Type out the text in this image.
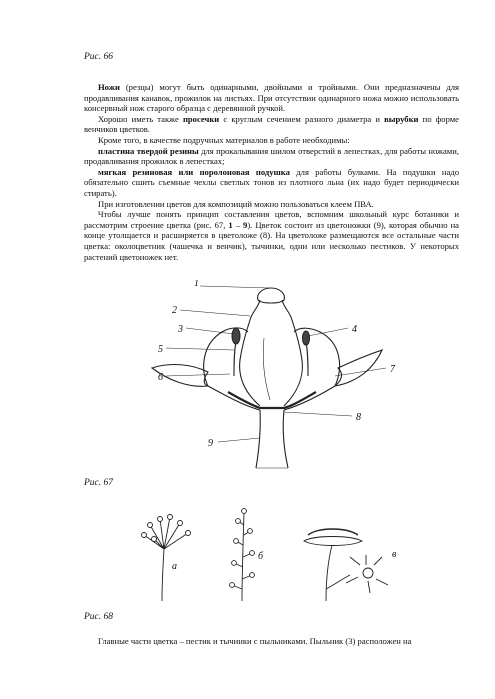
Рис. 66

Ножи (резцы) могут быть одинарными, двойными и тройными. Они предназначены для продавливания канавок, прожилок на листьях. При отсутствии одинарного ножа можно использовать консервный нож старого образца с деревянной ручкой.

Хорошо иметь также просечки с круглым сечением разного диаметра и вырубки по форме венчиков цветков.

Кроме того, в качестве подручных материалов в работе необходимы:

пластина твердой резины для прокалывания шилом отверстий в лепестках, для работы ножами, продавливания прожилок в лепестках;

мягкая резиновая или поролоновая подушка для работы булками. На подушки надо обязательно сшить съемные чехлы светлых тонов из плотного льна (их надо будет периодически стирать).

При изготовлении цветов для композиций можно пользоваться клеем ПВА.

Чтобы лучше понять принцип составления цветов, вспомним школьный курс ботаники и рассмотрим строение цветка (рис. 67, 1 – 9). Цветок состоит из цветоножки (9), которая обычно на конце утолщается и расширяется в цветоложе (8). На цветоложе размещаются все остальные части цветка: околоцветник (чашечка и венчик), тычинки, одни или несколько пестиков. У некоторых растений цветоножек нет.

1
2
3
5
6
4
7
8
9
Рис. 67
а
б	в
Рис. 68

Главные части цветка – пестик и тычинки с пыльниками. Пыльник (3) расположен на
